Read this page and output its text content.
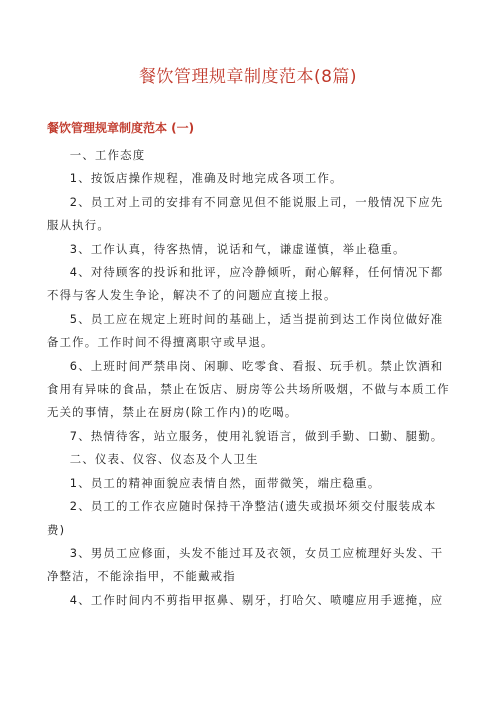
餐饮管理规章制度范本(8篇)
餐饮管理规章制度范本 (一)

一、工作态度

1、按饭店操作规程，准确及时地完成各项工作。

2、员工对上司的安排有不同意见但不能说服上司，一般情况下应先服从执行。

3、工作认真，待客热情，说话和气，谦虚谨慎，举止稳重。

4、对待顾客的投诉和批评，应冷静倾听，耐心解释，任何情况下都不得与客人发生争论，解决不了的问题应直接上报。

5、员工应在规定上班时间的基础上，适当提前到达工作岗位做好准备工作。工作时间不得擅离职守或早退。

6、上班时间严禁串岗、闲聊、吃零食、看报、玩手机。禁止饮酒和食用有异味的食品，禁止在饭店、厨房等公共场所吸烟，不做与本质工作无关的事情，禁止在厨房(除工作内)的吃喝。

7、热情待客，站立服务，使用礼貌语言，做到手勤、口勤、腿勤。

二、仪表、仪容、仪态及个人卫生

1、员工的精神面貌应表情自然，面带微笑，端庄稳重。

2、员工的工作衣应随时保持干净整洁(遗失或损坏须交付服装成本费)

3、男员工应修面，头发不能过耳及衣领，女员工应梳理好头发、干净整洁，不能涂指甲，不能戴戒指

4、工作时间内不剪指甲抠鼻、剔牙，打哈欠、喷嚏应用手遮掩，应
